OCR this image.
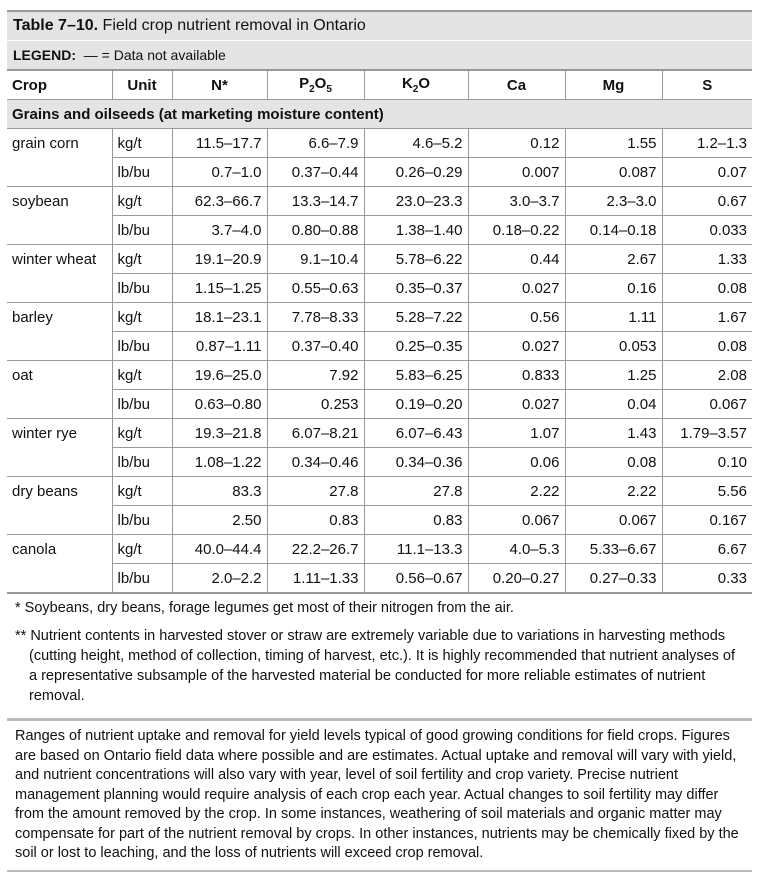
Table 7–10. Field crop nutrient removal in Ontario
LEGEND: — = Data not available
Crop	Unit	N*	$P_2O_5$	$K_2O$	Ca	Mg	S
Grains and oilseeds (at marketing moisture content)							
grain corn	kg/t	11.5–17.7	6.6–7.9	4.6–5.2	0.12	1.55	1.2–1.3
	lb/bu	0.7–1.0	0.37–0.44	0.26–0.29	0.007	0.087	0.07
soybean	kg/t	62.3–66.7	13.3–14.7	23.0–23.3	3.0–3.7	2.3–3.0	0.67
	lb/bu	3.7–4.0	0.80–0.88	1.38–1.40	0.18–0.22	0.14–0.18	0.033
winter wheat	kg/t	19.1–20.9	9.1–10.4	5.78–6.22	0.44	2.67	1.33
	lb/bu	1.15–1.25	0.55–0.63	0.35–0.37	0.027	0.16	0.08
barley	kg/t	18.1–23.1	7.78–8.33	5.28–7.22	0.56	1.11	1.67
	lb/bu	0.87–1.11	0.37–0.40	0.25–0.35	0.027	0.053	0.08
oat	kg/t	19.6–25.0	7.92	5.83–6.25	0.833	1.25	2.08
	lb/bu	0.63–0.80	0.253	0.19–0.20	0.027	0.04	0.067
winter rye	kg/t	19.3–21.8	6.07–8.21	6.07–6.43	1.07	1.43	1.79–3.57
	lb/bu	1.08–1.22	0.34–0.46	0.34–0.36	0.06	0.08	0.10
dry beans	kg/t	83.3	27.8	27.8	2.22	2.22	5.56
	lb/bu	2.50	0.83	0.83	0.067	0.067	0.167
canola	kg/t	40.0–44.4	22.2–26.7	11.1–13.3	4.0–5.3	5.33–6.67	6.67
	lb/bu	2.0–2.2	1.11–1.33	0.56–0.67	0.20–0.27	0.27–0.33	0.33

* Soybeans, dry beans, forage legumes get most of their nitrogen from the air.

** Nutrient contents in harvested stover or straw are extremely variable due to variations in harvesting methods (cutting height, method of collection, timing of harvest, etc.). It is highly recommended that nutrient analyses of a representative subsample of the harvested material be conducted for more reliable estimates of nutrient removal.

Ranges of nutrient uptake and removal for yield levels typical of good growing conditions for field crops. Figures are based on Ontario field data where possible and are estimates. Actual uptake and removal will vary with yield, and nutrient concentrations will also vary with year, level of soil fertility and crop variety. Precise nutrient management planning would require analysis of each crop each year. Actual changes to soil fertility may differ from the amount removed by the crop. In some instances, weathering of soil materials and organic matter may compensate for part of the nutrient removal by crops. In other instances, nutrients may be chemically fixed by the soil or lost to leaching, and the loss of nutrients will exceed crop removal.
